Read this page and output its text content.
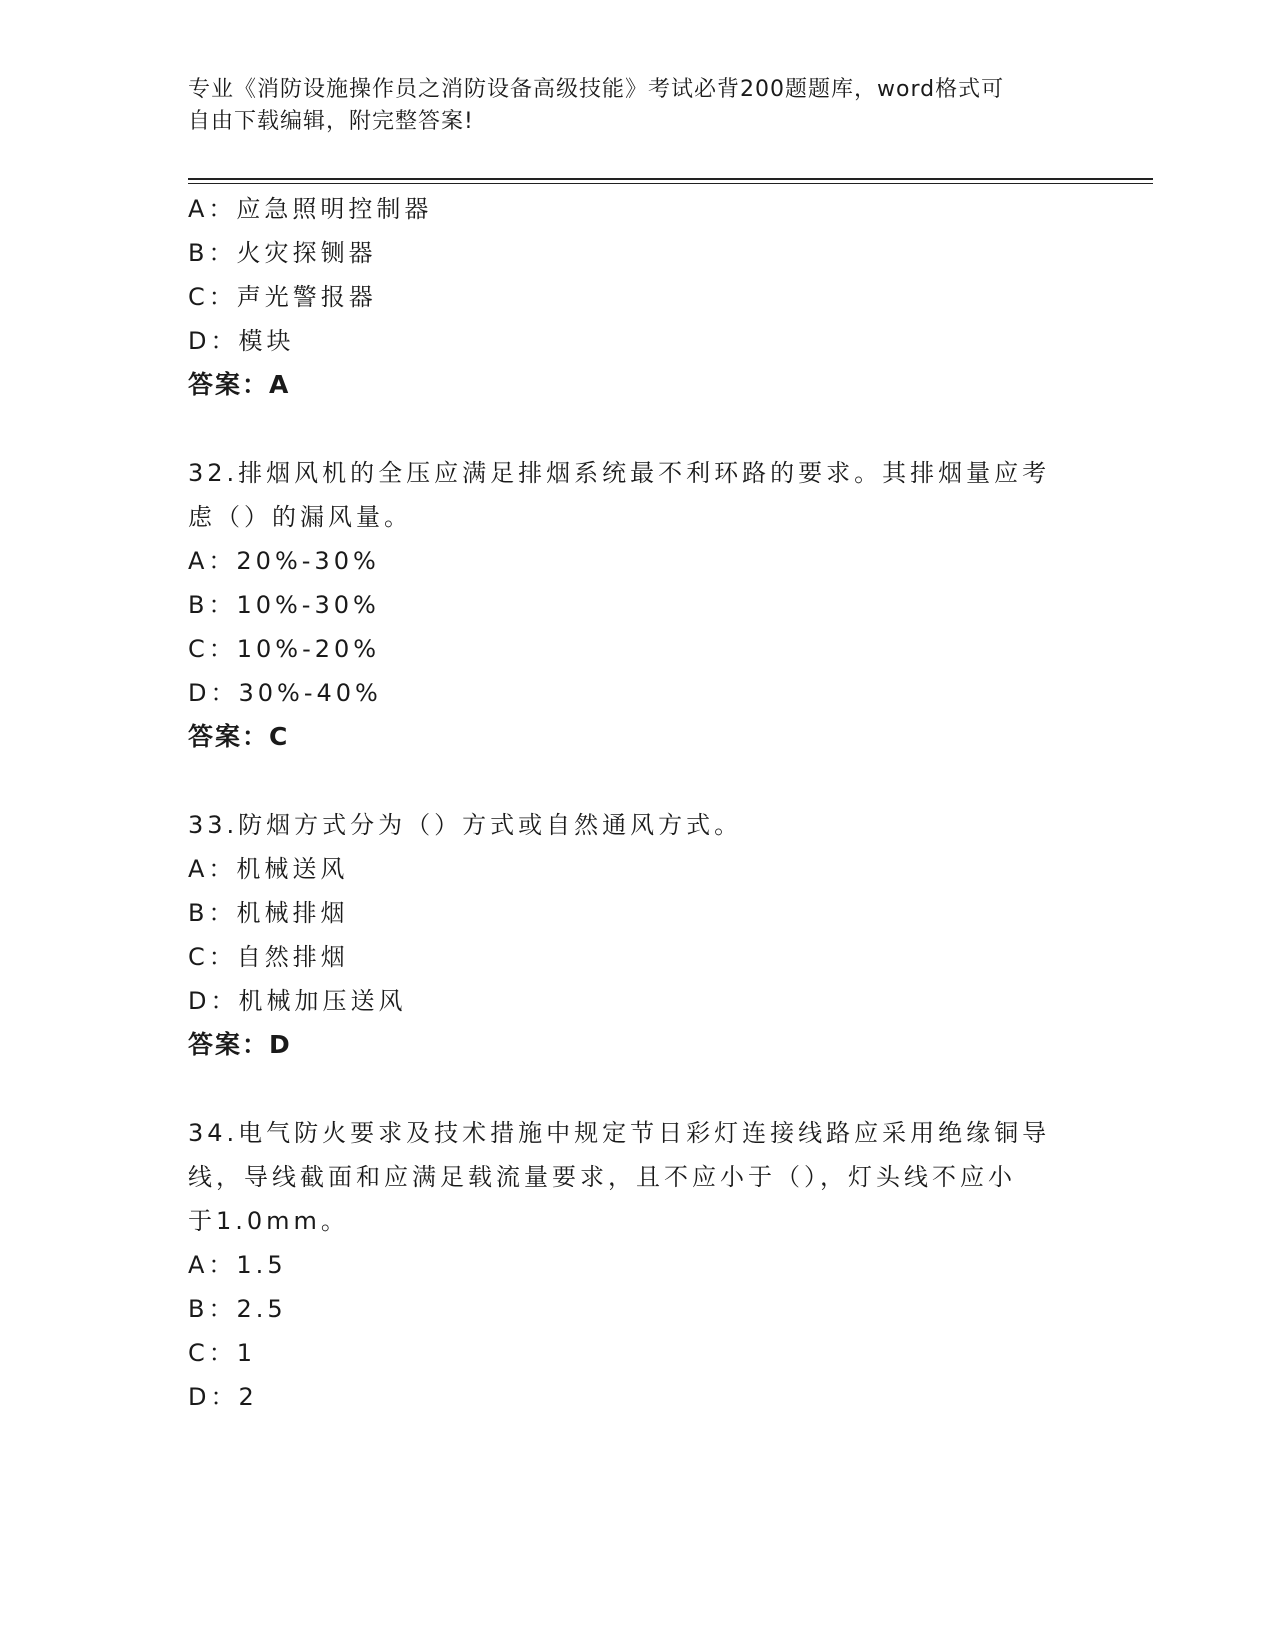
专业《消防设施操作员之消防设备高级技能》考试必背200题题库，word格式可
自由下载编辑，附完整答案!
A：应急照明控制器
B：火灾探铡器
C：声光警报器
D：模块
答案：A
32.排烟风机的全压应满足排烟系统最不利环路的要求。其排烟量应考
虑（）的漏风量。
A：20%-30%
B：10%-30%
C：10%-20%
D：30%-40%
答案：C
33.防烟方式分为（）方式或自然通风方式。
A：机械送风
B：机械排烟
C：自然排烟
D：机械加压送风
答案：D
34.电气防火要求及技术措施中规定节日彩灯连接线路应采用绝缘铜导
线，导线截面和应满足载流量要求，且不应小于（），灯头线不应小
于1.0mm。
A：1.5
B：2.5
C：1
D：2
